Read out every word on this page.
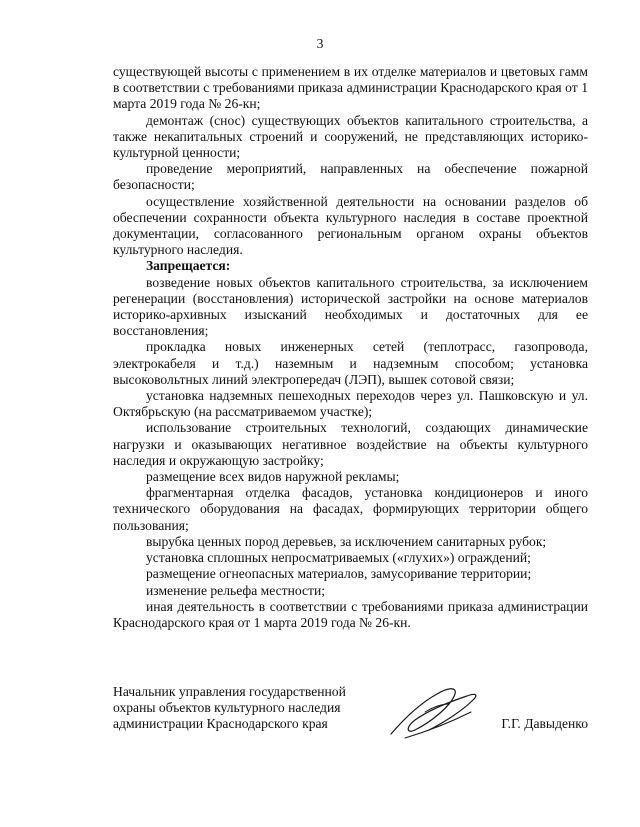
3

существующей высоты с применением в их отделке материалов и цветовых гамм в соответствии с требованиями приказа администрации Краснодарского края от 1 марта 2019 года № 26-кн;

демонтаж (снос) существующих объектов капитального строительства, а также некапитальных строений и сооружений, не представляющих историко-культурной ценности;

проведение мероприятий, направленных на обеспечение пожарной безопасности;

осуществление хозяйственной деятельности на основании разделов об обеспечении сохранности объекта культурного наследия в составе проектной документации, согласованного региональным органом охраны объектов культурного наследия.

Запрещается:

возведение новых объектов капитального строительства, за исключением регенерации (восстановления) исторической застройки на основе материалов историко-архивных изысканий необходимых и достаточных для ее восстановления;

прокладка новых инженерных сетей (теплотрасс, газопровода, электрокабеля и т.д.) наземным и надземным способом; установка высоковольтных линий электропередач (ЛЭП), вышек сотовой связи;

установка надземных пешеходных переходов через ул. Пашковскую и ул. Октябрьскую (на рассматриваемом участке);

использование строительных технологий, создающих динамические нагрузки и оказывающих негативное воздействие на объекты культурного наследия и окружающую застройку;

размещение всех видов наружной рекламы;

фрагментарная отделка фасадов, установка кондиционеров и иного технического оборудования на фасадах, формирующих территории общего пользования;

вырубка ценных пород деревьев, за исключением санитарных рубок;

установка сплошных непросматриваемых («глухих») ограждений;

размещение огнеопасных материалов, замусоривание территории;

изменение рельефа местности;

иная деятельность в соответствии с требованиями приказа администрации Краснодарского края от 1 марта 2019 года № 26-кн.

Начальник управления государственной
охраны объектов культурного наследия
администрации Краснодарского края	Г.Г. Давыденко
